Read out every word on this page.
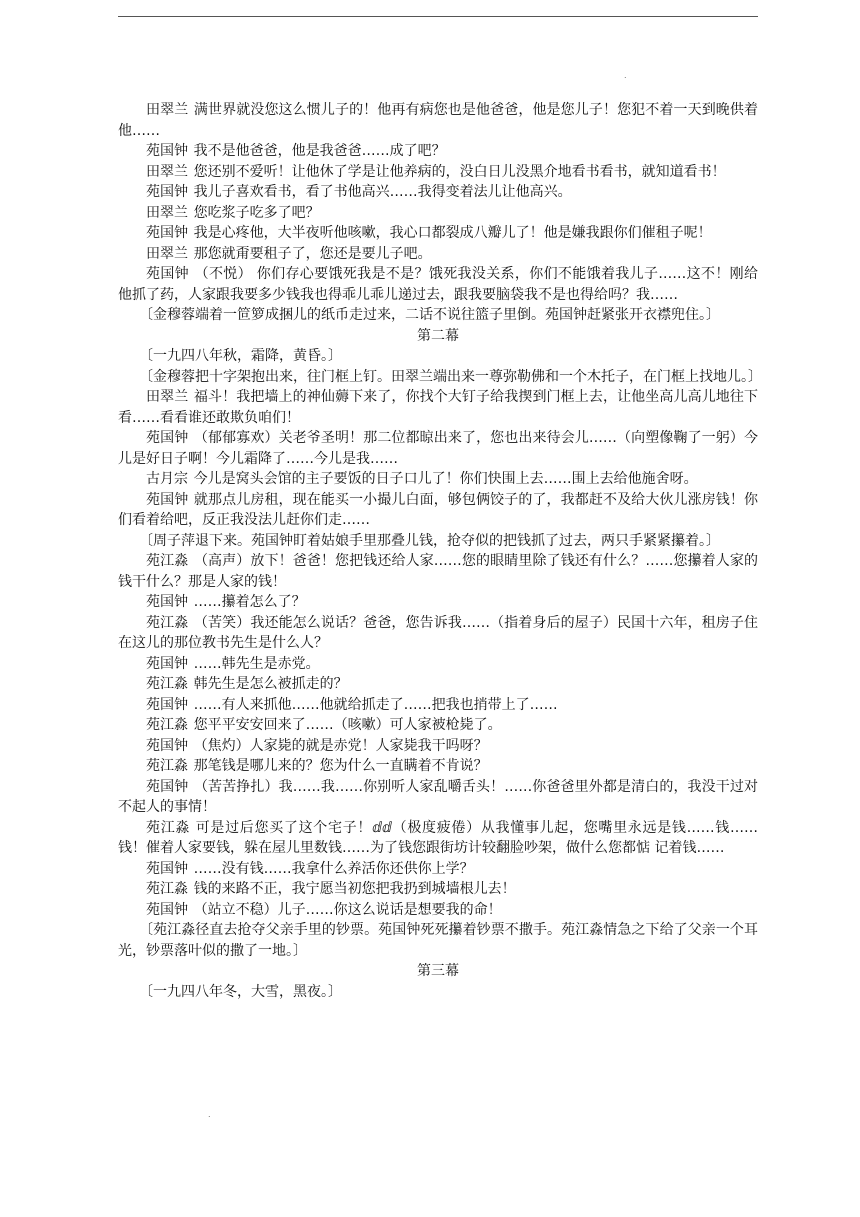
.

田翠兰 满世界就没您这么惯儿子的！他再有病您也是他爸爸，他是您儿子！您犯不着一天到晚供着他……

苑国钟 我不是他爸爸，他是我爸爸……成了吧？

田翠兰 您还别不爱听！让他休了学是让他养病的，没白日儿没黑介地看书看书，就知道看书！

苑国钟 我儿子喜欢看书，看了书他高兴……我得变着法儿让他高兴。

田翠兰 您吃浆子吃多了吧？

苑国钟 我是心疼他，大半夜听他咳嗽，我心口都裂成八瓣儿了！他是嫌我跟你们催租子呢！

田翠兰 那您就甭要租子了，您还是要儿子吧。

苑国钟 （不悦） 你们存心要饿死我是不是？饿死我没关系，你们不能饿着我儿子……这不！刚给他抓了药，人家跟我要多少钱我也得乖儿乖儿递过去，跟我要脑袋我不是也得给吗？我……

〔金穆蓉端着一笸箩成捆儿的纸币走过来，二话不说往篮子里倒。苑国钟赶紧张开衣襟兜住。〕

第二幕

〔一九四八年秋，霜降，黄昏。〕

〔金穆蓉把十字架抱出来，往门框上钉。田翠兰端出来一尊弥勒佛和一个木托子，在门框上找地儿。〕

田翠兰 福斗！我把墙上的神仙薅下来了，你找个大钉子给我揳到门框上去，让他坐高儿高儿地往下看……看看谁还敢欺负咱们！

苑国钟 （郁郁寡欢）关老爷圣明！那二位都晾出来了，您也出来待会儿……（向塑像鞠了一躬）今儿是好日子啊！今儿霜降了……今儿是我……

古月宗 今儿是窝头会馆的主子要饭的日子口儿了！你们快围上去……围上去给他施舍呀。

苑国钟 就那点儿房租，现在能买一小撮儿白面，够包俩饺子的了，我都赶不及给大伙儿涨房钱！你们看着给吧，反正我没法儿赶你们走……

〔周子萍退下来。苑国钟盯着姑娘手里那叠儿钱，抢夺似的把钱抓了过去，两只手紧紧攥着。〕

苑江淼 （高声）放下！爸爸！您把钱还给人家……您的眼睛里除了钱还有什么？……您攥着人家的钱干什么？那是人家的钱！

苑国钟 ……攥着怎么了？

苑江淼 （苦笑）我还能怎么说话？爸爸，您告诉我……（指着身后的屋子）民国十六年，租房子住在这儿的那位教书先生是什么人？

苑国钟 ……韩先生是赤党。

苑江淼 韩先生是怎么被抓走的？

苑国钟 ……有人来抓他……他就给抓走了……把我也捎带上了……

苑江淼 您平平安安回来了……（咳嗽）可人家被枪毙了。

苑国钟 （焦灼）人家毙的就是赤党！人家毙我干吗呀？

苑江淼 那笔钱是哪儿来的？您为什么一直瞒着不肯说？

苑国钟 （苦苦挣扎）我……我……你别听人家乱嚼舌头！……你爸爸里外都是清白的，我没干过对不起人的事情！

苑江淼 可是过后您买了这个宅子！ⅆⅆ（极度疲倦）从我懂事儿起，您嘴里永远是钱……钱……钱！催着人家要钱，躲在屋儿里数钱……为了钱您跟街坊计较翻脸吵架，做什么您都惦 记着钱……

苑国钟 ……没有钱……我拿什么养活你还供你上学？

苑江淼 钱的来路不正，我宁愿当初您把我扔到城墙根儿去！

苑国钟 （站立不稳）儿子……你这么说话是想要我的命！

〔苑江淼径直去抢夺父亲手里的钞票。苑国钟死死攥着钞票不撒手。苑江淼情急之下给了父亲一个耳光，钞票落叶似的撒了一地。〕

第三幕

〔一九四八年冬，大雪，黑夜。〕

.
